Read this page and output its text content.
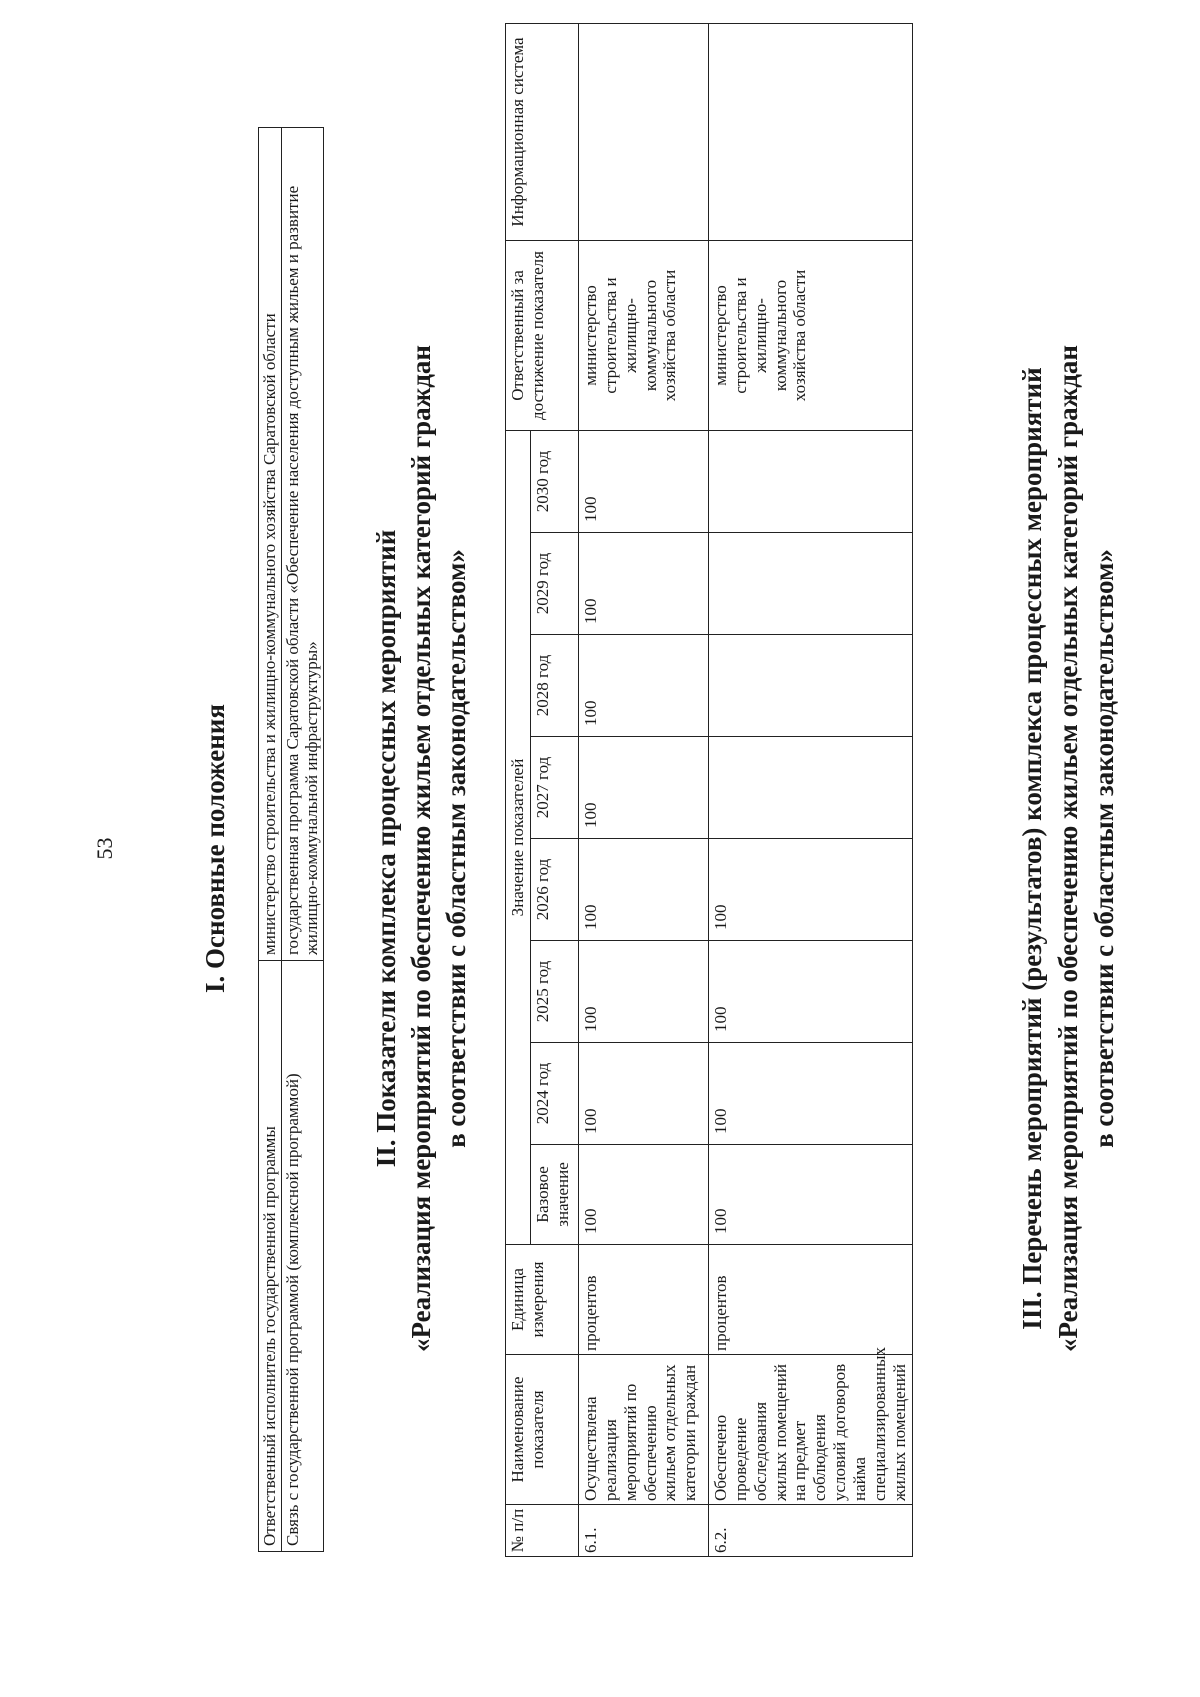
53	I. Основные положения
Ответственный исполнитель государственной программы	министерство строительства и жилищно-коммунального хозяйства Саратовской области
Связь с государственной программой (комплексной программой)	государственная программа Саратовской области «Обеспечение населения доступным жильем и развитие жилищно-коммунальной инфраструктуры» II. Показатели комплекса процессных мероприятий «Реализация мероприятий по обеспечению жильем отдельных категорий граждан в соответствии с областным законодательством»
№ п/п	Наименование показателя	Единица измерения	Значение показателей								Ответственный за достижение показателя	Информационная система
			Базовое значение	2024 год	2025 год	2026 год	2027 год	2028 год	2029 год	2030 год		
6.1.	Осуществлена реализация мероприятий по обеспечению жильем отдельных категории граждан	процентов	100	100	100	100	100	100	100	100	министерство строительства и жилищно-коммунального хозяйства области	
6.2.	Обеспечено проведение обследования жилых помещений на предмет соблюдения условий договоров найма специализированных жилых помещений	процентов	100	100	100	100					министерство строительства и жилищно-коммунального хозяйства области	
III. Перечень мероприятий (результатов) комплекса процессных мероприятий «Реализация мероприятий по обеспечению жильем отдельных категорий граждан в соответствии с областным законодательством»
